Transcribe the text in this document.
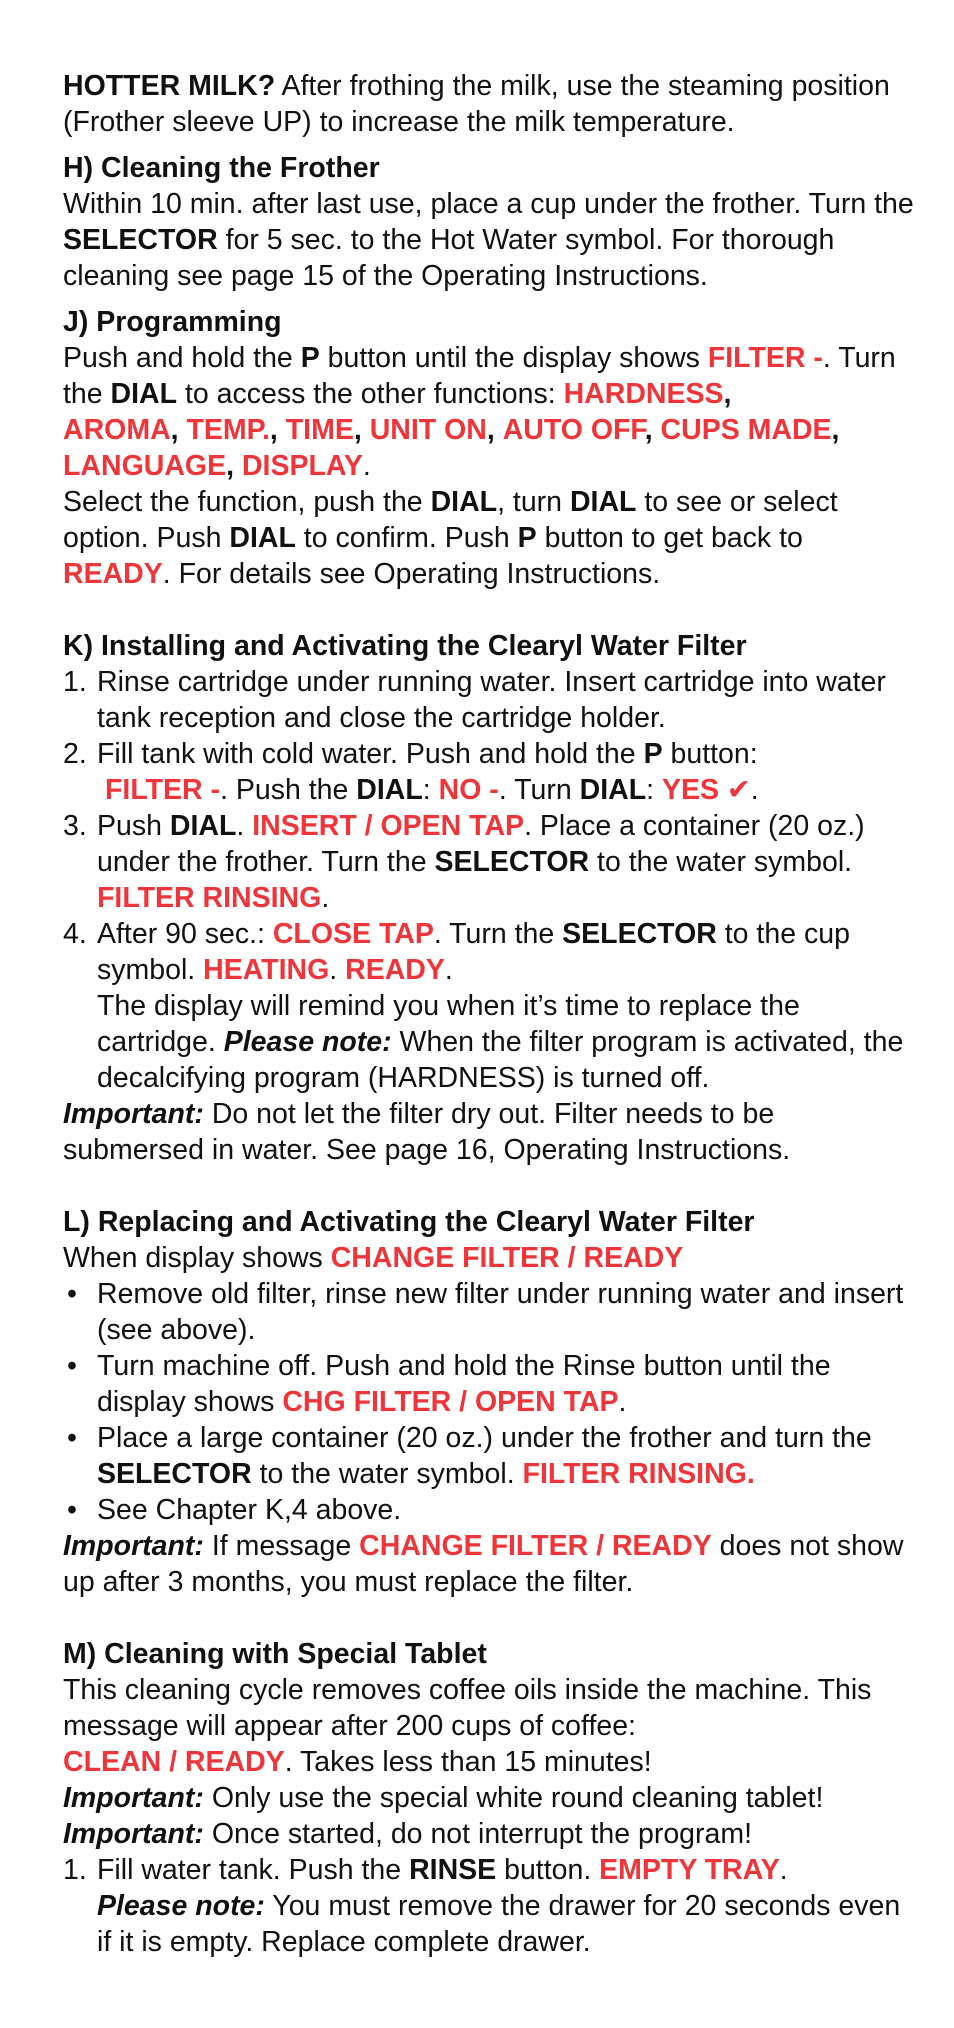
HOTTER MILK? After frothing the milk, use the steaming position (Frother sleeve UP) to increase the milk temperature.

H) Cleaning the Frother

Within 10 min. after last use, place a cup under the frother. Turn the SELECTOR for 5 sec. to the Hot Water symbol. For thorough cleaning see page 15 of the Operating Instructions.

J) Programming

Push and hold the P button until the display shows FILTER -. Turn the DIAL to access the other functions: HARDNESS,
AROMA, TEMP., TIME, UNIT ON, AUTO OFF, CUPS MADE,
LANGUAGE, DISPLAY.

Select the function, push the DIAL, turn DIAL to see or select option. Push DIAL to confirm. Push P button to get back to READY. For details see Operating Instructions.

K) Installing and Activating the Clearyl Water Filter

1. Rinse cartridge under running water. Insert cartridge into water tank reception and close the cartridge holder.
2. Fill tank with cold water. Push and hold the P button:
FILTER -. Push the DIAL: NO -. Turn DIAL: YES ✔.
3. Push DIAL. INSERT / OPEN TAP. Place a container (20 oz.) under the frother. Turn the SELECTOR to the water symbol. FILTER RINSING.
4. After 90 sec.: CLOSE TAP. Turn the SELECTOR to the cup symbol. HEATING. READY.
The display will remind you when it’s time to replace the cartridge. Please note: When the filter program is activated, the decalcifying program (HARDNESS) is turned off.

Important: Do not let the filter dry out. Filter needs to be submersed in water. See page 16, Operating Instructions.

L) Replacing and Activating the Clearyl Water Filter

When display shows CHANGE FILTER / READY

• Remove old filter, rinse new filter under running water and insert (see above).
• Turn machine off. Push and hold the Rinse button until the display shows CHG FILTER / OPEN TAP.
• Place a large container (20 oz.) under the frother and turn the SELECTOR to the water symbol. FILTER RINSING.
• See Chapter K,4 above.

Important: If message CHANGE FILTER / READY does not show up after 3 months, you must replace the filter.

M) Cleaning with Special Tablet

This cleaning cycle removes coffee oils inside the machine. This message will appear after 200 cups of coffee:
CLEAN / READY. Takes less than 15 minutes!

Important: Only use the special white round cleaning tablet!

Important: Once started, do not interrupt the program!

1. Fill water tank. Push the RINSE button. EMPTY TRAY.
Please note: You must remove the drawer for 20 seconds even if it is empty. Replace complete drawer.
